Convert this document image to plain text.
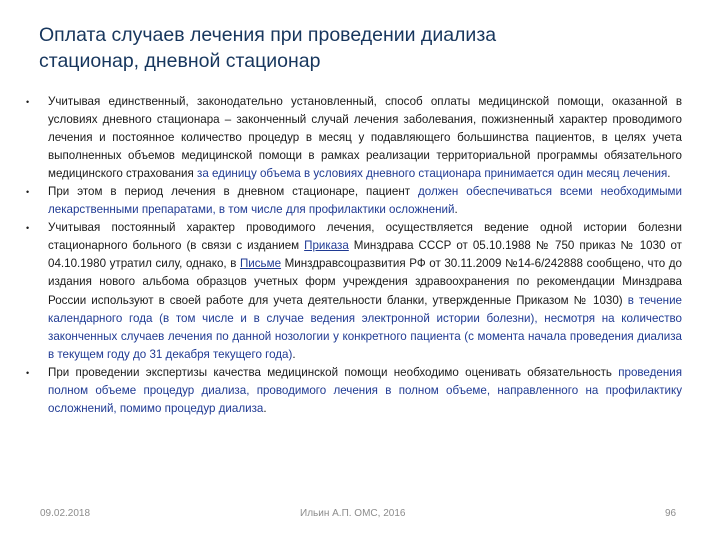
Оплата случаев лечения при проведении диализа
стационар, дневной стационар
• Учитывая единственный, законодательно установленный, способ оплаты медицинской помощи, оказанной в условиях дневного стационара – законченный случай лечения заболевания, пожизненный характер проводимого лечения и постоянное количество процедур в месяц у подавляющего большинства пациентов, в целях учета выполненных объемов медицинской помощи в рамках реализации территориальной программы обязательного медицинского страхования за единицу объема в условиях дневного стационара принимается один месяц лечения.
• При этом в период лечения в дневном стационаре, пациент должен обеспечиваться всеми необходимыми лекарственными препаратами, в том числе для профилактики осложнений.
• Учитывая постоянный характер проводимого лечения, осуществляется ведение одной истории болезни стационарного больного (в связи с изданием Приказа Минздрава СССР от 05.10.1988 № 750 приказ № 1030 от 04.10.1980 утратил силу, однако, в Письме Минздравсоцразвития РФ от 30.11.2009 №14-6/242888 сообщено, что до издания нового альбома образцов учетных форм учреждения здравоохранения по рекомендации Минздрава России используют в своей работе для учета деятельности бланки, утвержденные Приказом № 1030) в течение календарного года (в том числе и в случае ведения электронной истории болезни), несмотря на количество законченных случаев лечения по данной нозологии у конкретного пациента (с момента начала проведения диализа в текущем году до 31 декабря текущего года).
• При проведении экспертизы качества медицинской помощи необходимо оценивать обязательность проведения полном объеме процедур диализа, проводимого лечения в полном объеме, направленного на профилактику осложнений, помимо процедур диализа.
09.02.2018	Ильин А.П. ОМС, 2016	96
